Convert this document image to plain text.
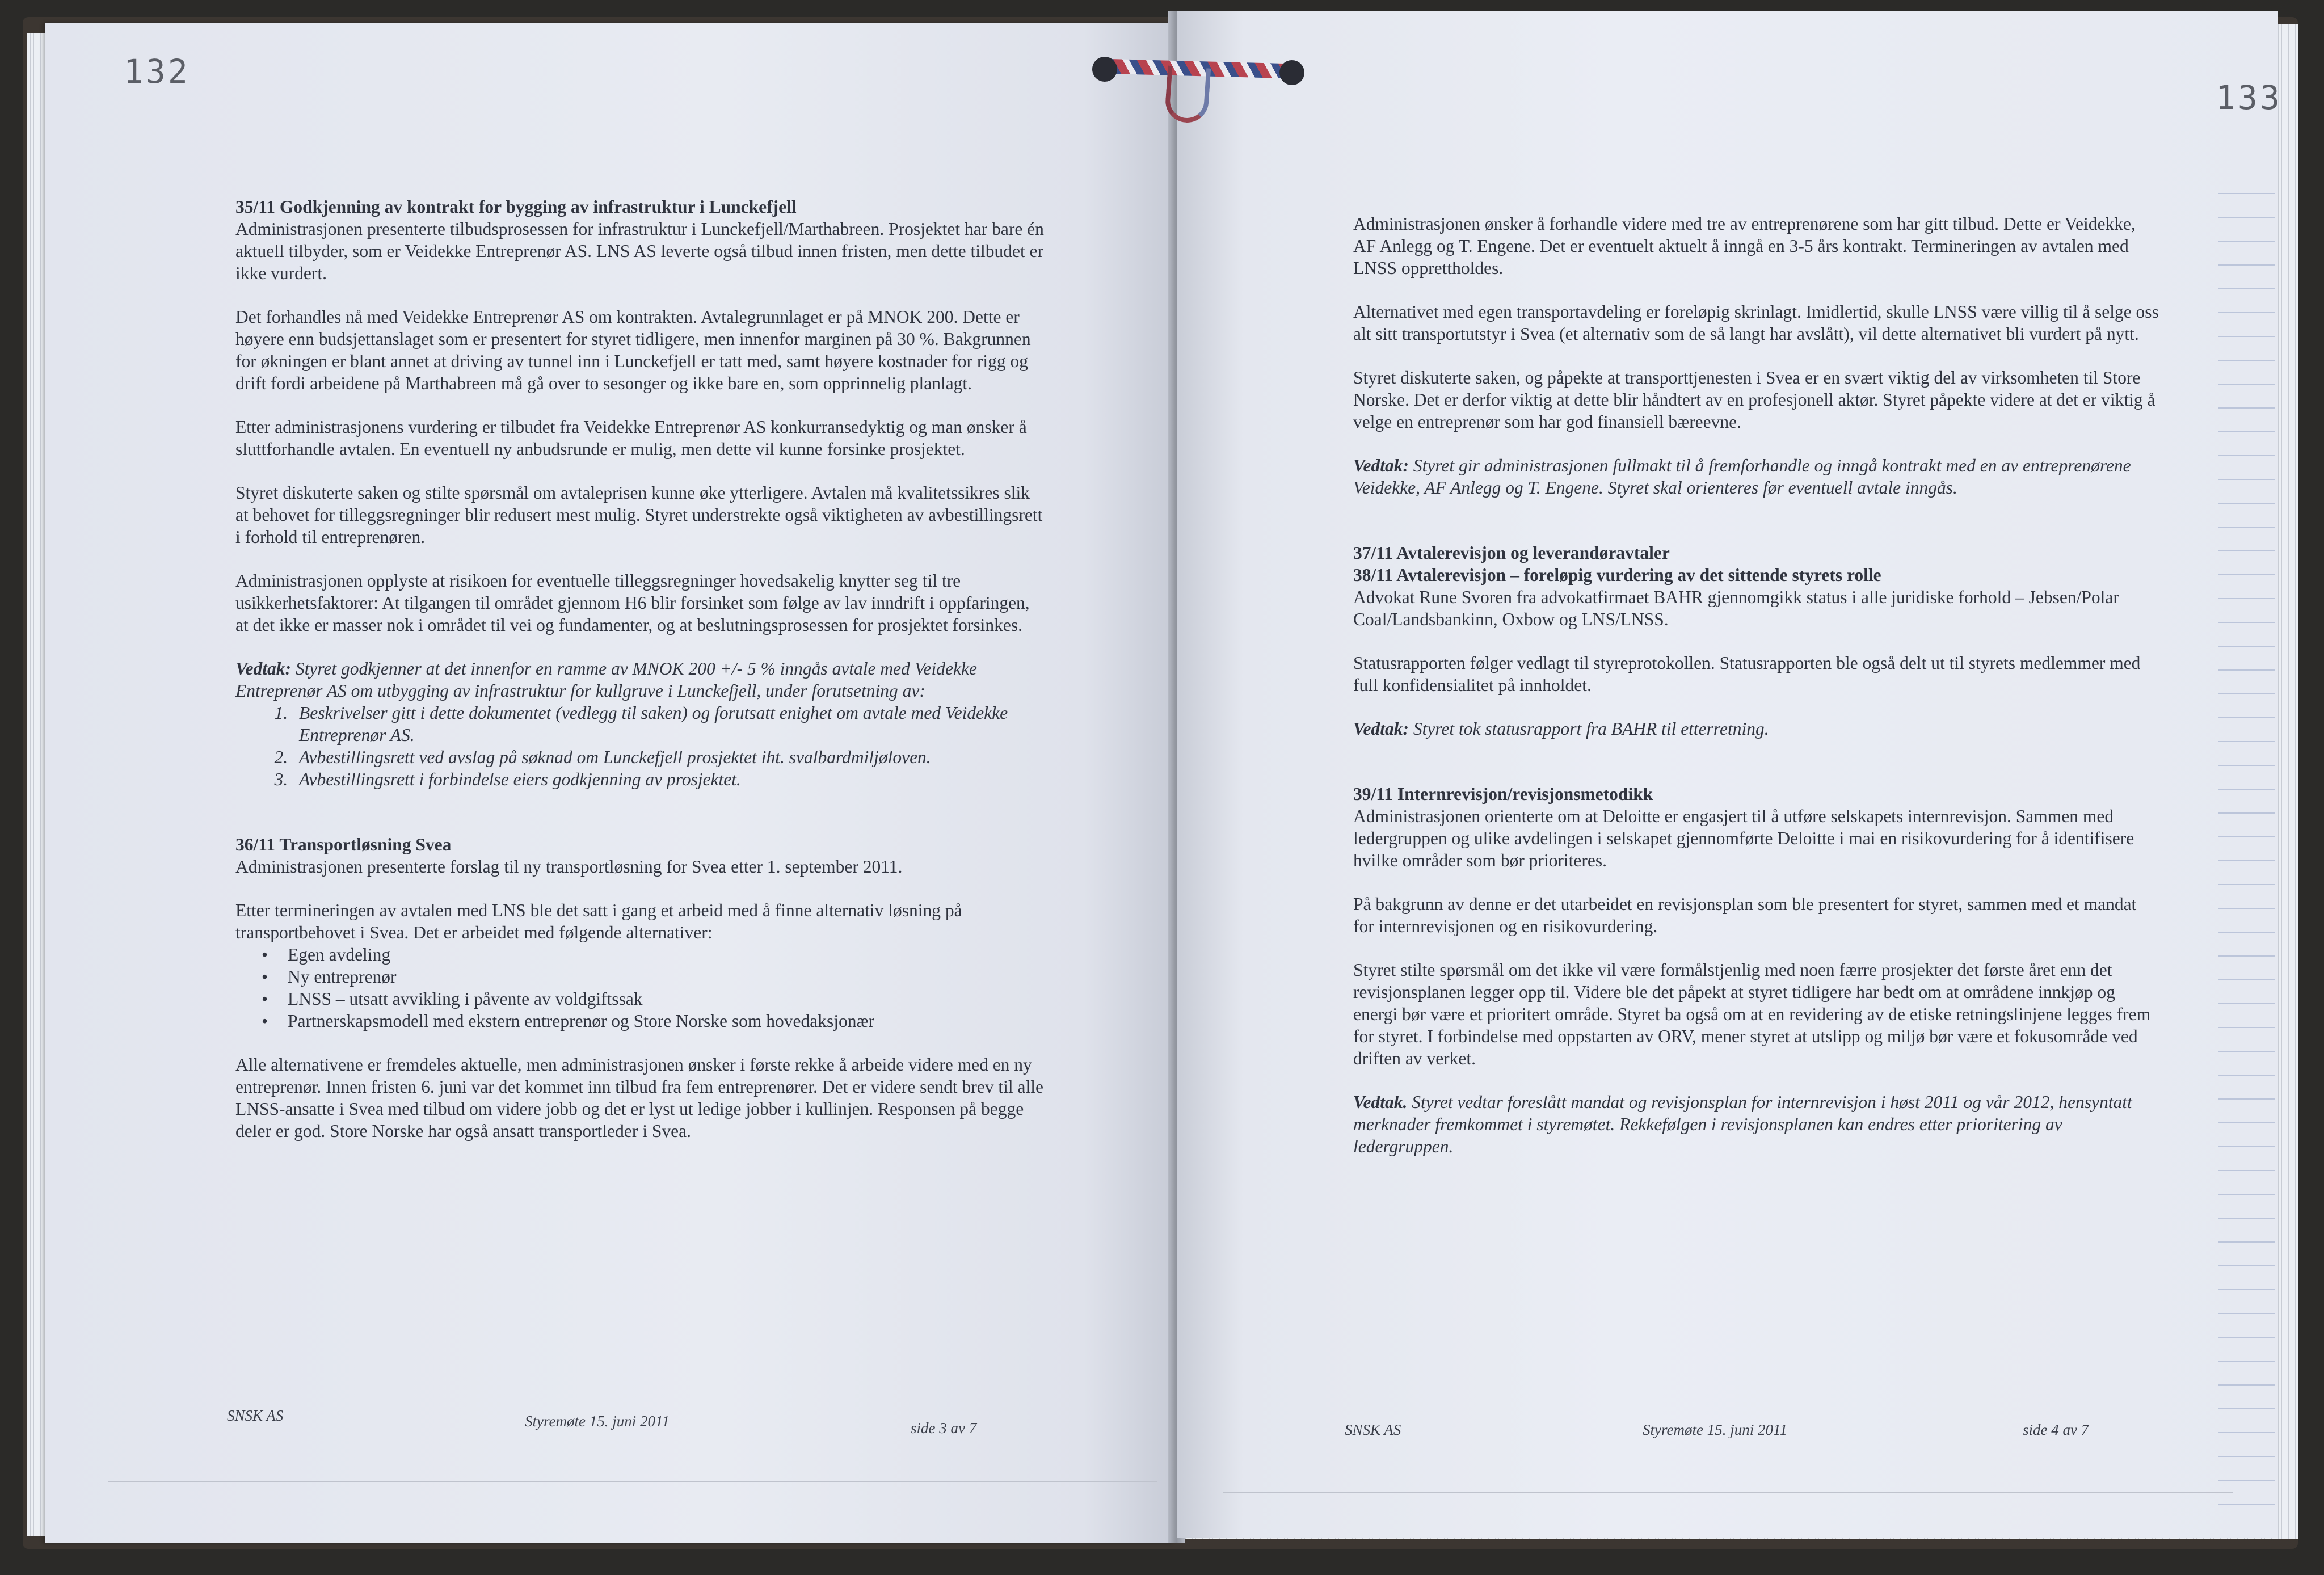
132
35/11 Godkjenning av kontrakt for bygging av infrastruktur i Lunckefjell

Administrasjonen presenterte tilbudsprosessen for infrastruktur i Lunckefjell/Marthabreen. Prosjektet har bare én aktuell tilbyder, som er Veidekke Entreprenør AS. LNS AS leverte også tilbud innen fristen, men dette tilbudet er ikke vurdert.

Det forhandles nå med Veidekke Entreprenør AS om kontrakten. Avtalegrunnlaget er på MNOK 200. Dette er høyere enn budsjettanslaget som er presentert for styret tidligere, men innenfor marginen på 30 %. Bakgrunnen for økningen er blant annet at driving av tunnel inn i Lunckefjell er tatt med, samt høyere kostnader for rigg og drift fordi arbeidene på Marthabreen må gå over to sesonger og ikke bare en, som opprinnelig planlagt.

Etter administrasjonens vurdering er tilbudet fra Veidekke Entreprenør AS konkurransedyktig og man ønsker å sluttforhandle avtalen. En eventuell ny anbudsrunde er mulig, men dette vil kunne forsinke prosjektet.

Styret diskuterte saken og stilte spørsmål om avtaleprisen kunne øke ytterligere. Avtalen må kvalitetssikres slik at behovet for tilleggsregninger blir redusert mest mulig. Styret understrekte også viktigheten av avbestillingsrett i forhold til entreprenøren.

Administrasjonen opplyste at risikoen for eventuelle tilleggsregninger hovedsakelig knytter seg til tre usikkerhetsfaktorer: At tilgangen til området gjennom H6 blir forsinket som følge av lav inndrift i oppfaringen, at det ikke er masser nok i området til vei og fundamenter, og at beslutningsprosessen for prosjektet forsinkes.

Vedtak: Styret godkjenner at det innenfor en ramme av MNOK 200 +/- 5 % inngås avtale med Veidekke Entreprenør AS om utbygging av infrastruktur for kullgruve i Lunckefjell, under forutsetning av:

1. Beskrivelser gitt i dette dokumentet (vedlegg til saken) og forutsatt enighet om avtale med Veidekke Entreprenør AS.
2. Avbestillingsrett ved avslag på søknad om Lunckefjell prosjektet iht. svalbardmiljøloven.
3. Avbestillingsrett i forbindelse eiers godkjenning av prosjektet.
36/11 Transportløsning Svea

Administrasjonen presenterte forslag til ny transportløsning for Svea etter 1. september 2011.

Etter termineringen av avtalen med LNS ble det satt i gang et arbeid med å finne alternativ løsning på transportbehovet i Svea. Det er arbeidet med følgende alternativer:

• Egen avdeling
• Ny entreprenør
• LNSS – utsatt avvikling i påvente av voldgiftssak
• Partnerskapsmodell med ekstern entreprenør og Store Norske som hovedaksjonær

Alle alternativene er fremdeles aktuelle, men administrasjonen ønsker i første rekke å arbeide videre med en ny entreprenør. Innen fristen 6. juni var det kommet inn tilbud fra fem entreprenører. Det er videre sendt brev til alle LNSS-ansatte i Svea med tilbud om videre jobb og det er lyst ut ledige jobber i kullinjen. Responsen på begge deler er god. Store Norske har også ansatt transportleder i Svea.

SNSK AS	Styremøte 15. juni 2011	side 3 av 7
133

Administrasjonen ønsker å forhandle videre med tre av entreprenørene som har gitt tilbud. Dette er Veidekke, AF Anlegg og T. Engene. Det er eventuelt aktuelt å inngå en 3-5 års kontrakt. Termineringen av avtalen med LNSS opprettholdes.

Alternativet med egen transportavdeling er foreløpig skrinlagt. Imidlertid, skulle LNSS være villig til å selge oss alt sitt transportutstyr i Svea (et alternativ som de så langt har avslått), vil dette alternativet bli vurdert på nytt.

Styret diskuterte saken, og påpekte at transporttjenesten i Svea er en svært viktig del av virksomheten til Store Norske. Det er derfor viktig at dette blir håndtert av en profesjonell aktør. Styret påpekte videre at det er viktig å velge en entreprenør som har god finansiell bæreevne.

Vedtak: Styret gir administrasjonen fullmakt til å fremforhandle og inngå kontrakt med en av entreprenørene Veidekke, AF Anlegg og T. Engene. Styret skal orienteres før eventuell avtale inngås.

37/11 Avtalerevisjon og leverandøravtaler
38/11 Avtalerevisjon – foreløpig vurdering av det sittende styrets rolle

Advokat Rune Svoren fra advokatfirmaet BAHR gjennomgikk status i alle juridiske forhold – Jebsen/Polar Coal/Landsbankinn, Oxbow og LNS/LNSS.

Statusrapporten følger vedlagt til styreprotokollen. Statusrapporten ble også delt ut til styrets medlemmer med full konfidensialitet på innholdet.

Vedtak: Styret tok statusrapport fra BAHR til etterretning.

39/11 Internrevisjon/revisjonsmetodikk

Administrasjonen orienterte om at Deloitte er engasjert til å utføre selskapets internrevisjon. Sammen med ledergruppen og ulike avdelingen i selskapet gjennomførte Deloitte i mai en risikovurdering for å identifisere hvilke områder som bør prioriteres.

På bakgrunn av denne er det utarbeidet en revisjonsplan som ble presentert for styret, sammen med et mandat for internrevisjonen og en risikovurdering.

Styret stilte spørsmål om det ikke vil være formålstjenlig med noen færre prosjekter det første året enn det revisjonsplanen legger opp til. Videre ble det påpekt at styret tidligere har bedt om at områdene innkjøp og energi bør være et prioritert område. Styret ba også om at en revidering av de etiske retningslinjene legges frem for styret. I forbindelse med oppstarten av ORV, mener styret at utslipp og miljø bør være et fokusområde ved driften av verket.

Vedtak. Styret vedtar foreslått mandat og revisjonsplan for internrevisjon i høst 2011 og vår 2012, hensyntatt merknader fremkommet i styremøtet. Rekkefølgen i revisjonsplanen kan endres etter prioritering av ledergruppen.

SNSK AS	Styremøte 15. juni 2011	side 4 av 7
